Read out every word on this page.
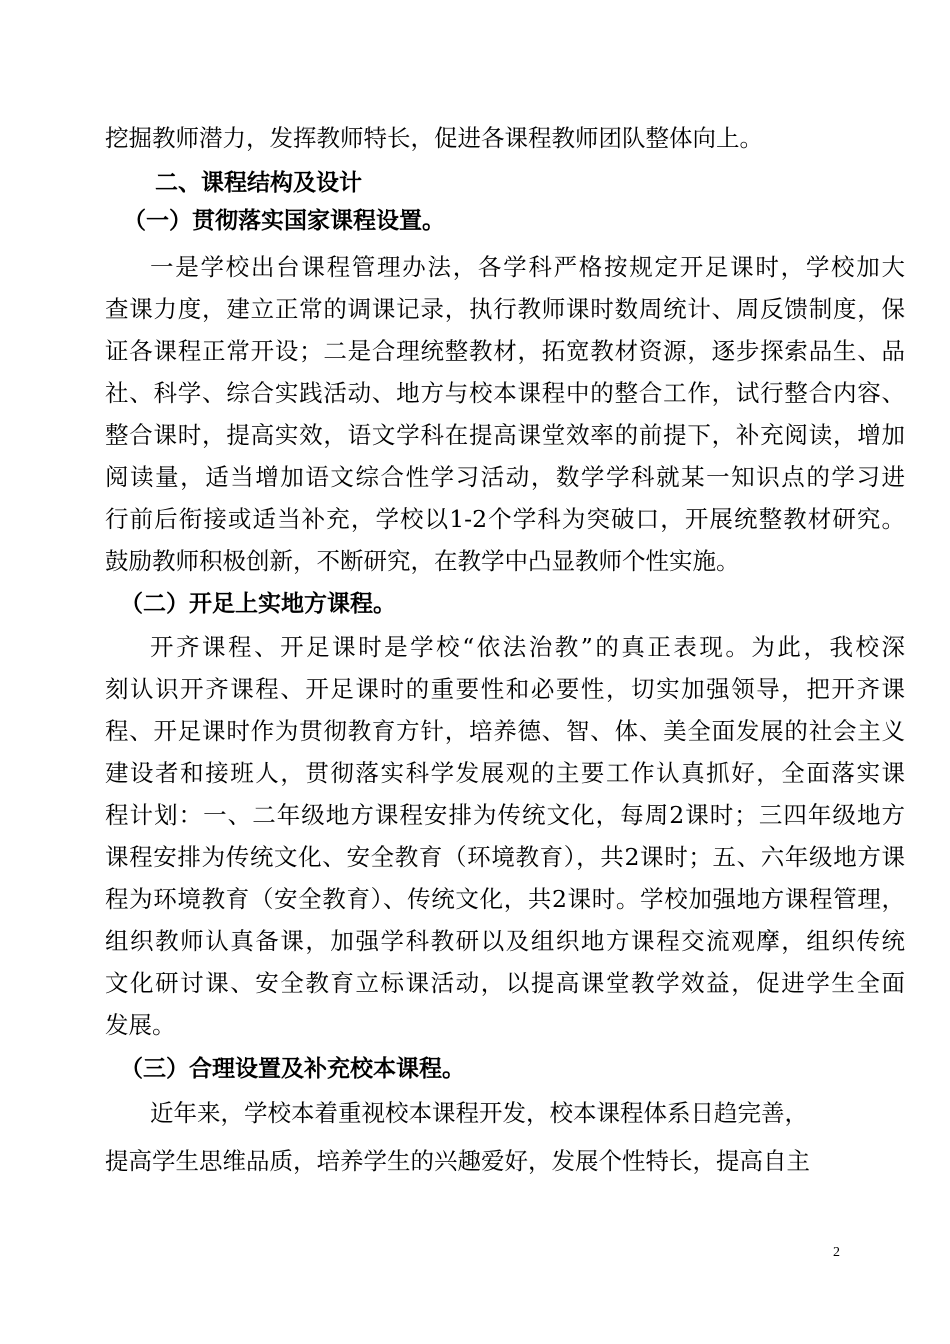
挖掘教师潜力，发挥教师特长，促进各课程教师团队整体向上。
二、课程结构及设计
（一）贯彻落实国家课程设置。
一是学校出台课程管理办法，各学科严格按规定开足课时，学校加大
查课力度，建立正常的调课记录，执行教师课时数周统计、周反馈制度，保
证各课程正常开设；二是合理统整教材，拓宽教材资源，逐步探索品生、品
社、科学、综合实践活动、地方与校本课程中的整合工作，试行整合内容、
整合课时，提高实效，语文学科在提高课堂效率的前提下，补充阅读，增加
阅读量，适当增加语文综合性学习活动，数学学科就某一知识点的学习进
行前后衔接或适当补充，学校以1-2个学科为突破口，开展统整教材研究。
鼓励教师积极创新，不断研究，在教学中凸显教师个性实施。
（二）开足上实地方课程。
开齐课程、开足课时是学校“依法治教”的真正表现。为此，我校深
刻认识开齐课程、开足课时的重要性和必要性，切实加强领导，把开齐课
程、开足课时作为贯彻教育方针，培养德、智、体、美全面发展的社会主义
建设者和接班人，贯彻落实科学发展观的主要工作认真抓好，全面落实课
程计划：一、二年级地方课程安排为传统文化，每周2课时；三四年级地方
课程安排为传统文化、安全教育（环境教育），共2课时；五、六年级地方课
程为环境教育（安全教育）、传统文化，共2课时。学校加强地方课程管理，
组织教师认真备课，加强学科教研以及组织地方课程交流观摩，组织传统
文化研讨课、安全教育立标课活动，以提高课堂教学效益，促进学生全面
发展。
（三）合理设置及补充校本课程。
近年来，学校本着重视校本课程开发，校本课程体系日趋完善，
提高学生思维品质，培养学生的兴趣爱好，发展个性特长，提高自主
2
